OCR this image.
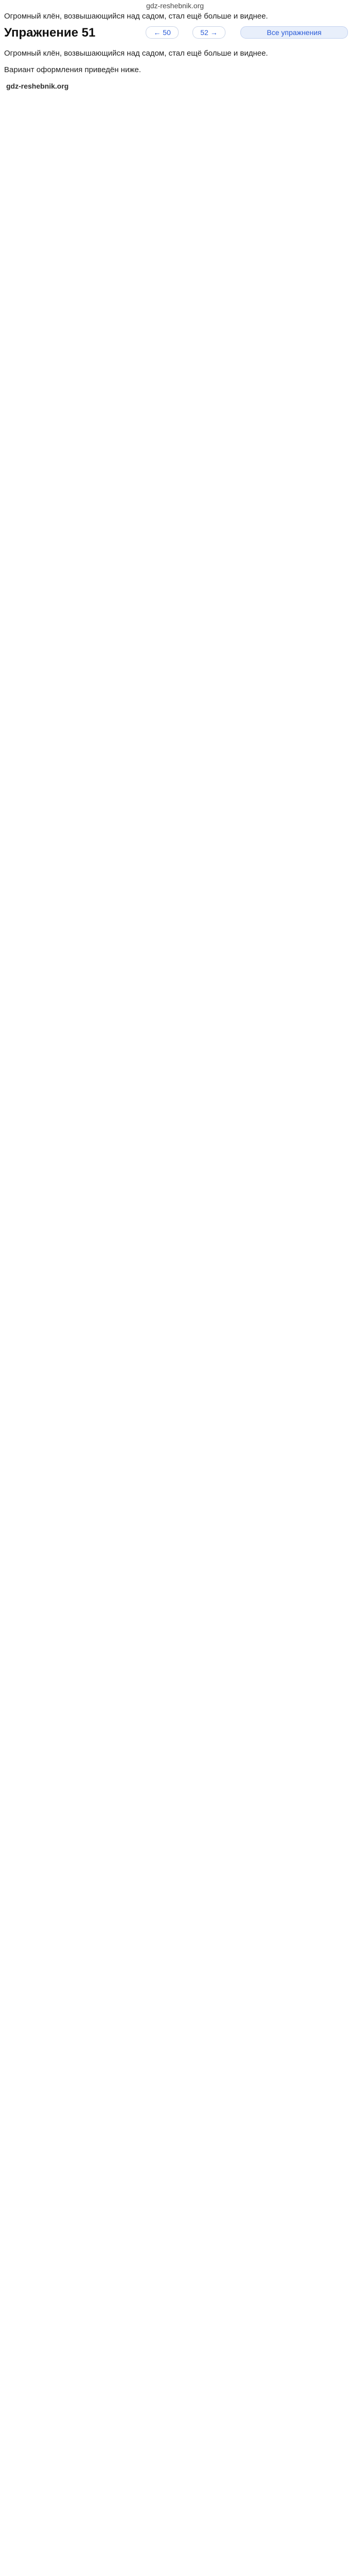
gdz-reshebnik.org
Огромный клён, возвышающийся над садом, стал ещё больше и виднее.
Упражнение 51	← 50	52 →	Все упражнения

Огромный клён, возвышающийся над садом, стал ещё больше и виднее.

Вариант оформления приведён ниже.

gdz-reshebnik.org
